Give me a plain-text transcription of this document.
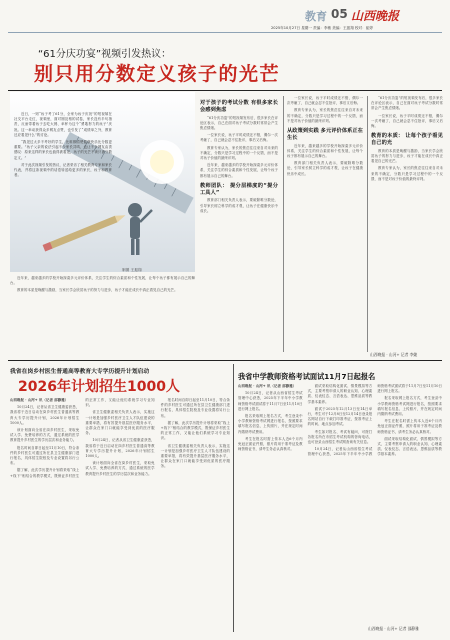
教育 05 山西晚报
2025年10月27日 星期一 责编：李敏 美编：王振翔 校对：崔婷
“61分庆功宴”视频引发热议：
别只用分数定义孩子的光芒

近日，一则“孩子考了61分，全家为孩子庆祝”的短视频在社交平台走红，视频里，面对刚及格的试卷，家长没有半句指责，反而带着孩子去吃大餐、举杯为这个“勇敢努力的孩子”庆祝。这一举动获得众多网友点赞，也引发了“成绩单之外，教育还应看见什么”的讨论。

“我见过太多不考好的学生，比谁都清楚健康快乐比分数更重要。”孩子父亲的说法引起不少家长共鸣，也让不少网友由衷感叹：原来这样的家长也值得被看见，孩子的光芒不该只被分数定义。”

对于此次视频引发的热议，记者采访了相关教育专家和家长代表，并将这条视频中的话语转述给更多的家长，孩子和教育者。

制图 王振翔
对于孩子的考试分数 有很多家长会感到焦虑

“61分庆功宴”的短视频发布后，很多家长在评论区表示，自己在面对孩子考试分数时常常会产生焦虑情绪。

一位家长说，孩子平时成绩还不错，偶尔一次考砸了，自己就会忍不住批评，事后又后悔。

教育专家认为，家长的焦虑往往来自对未来的不确定，分数只是学习过程中的一个反馈，而不是对孩子价值的最终评判。

近年来，越来越多的学校开始探索多元评价体系，关注学生的综合素质和个性发展，让每个孩子都有展示自己的舞台。

教师团队： 提分层梯度的“提分工具人”

教育部门相关负责人表示，要破除唯分数论，引导家长树立科学的成才观，让孩子在健康快乐中成长。

一位家长说，孩子平时成绩还不错，偶尔一次考砸了，自己就会忍不住批评，事后又后悔。

教育专家认为，家长的焦虑往往来自对未来的不确定，分数只是学习过程中的一个反馈，而不是对孩子价值的最终评判。

从政策到实践 多元评价体系正在生长

近年来，越来越多的学校开始探索多元评价体系，关注学生的综合素质和个性发展，让每个孩子都有展示自己的舞台。

教育部门相关负责人表示，要破除唯分数论，引导家长树立科学的成才观，让孩子在健康快乐中成长。

“61分庆功宴”的短视频发布后，很多家长在评论区表示，自己在面对孩子考试分数时常常会产生焦虑情绪。

一位家长说，孩子平时成绩还不错，偶尔一次考砸了，自己就会忍不住批评，事后又后悔。

教育的本质： 让每个孩子看见自己的光

教育的本质是唤醒与激励，当家长学会欣赏孩子的努力与进步，孩子才能在成长中真正看见自己的光芒。

教育专家认为，家长的焦虑往往来自对未来的不确定，分数只是学习过程中的一个反馈，而不是对孩子价值的最终评判。

近年来，越来越多的学校开始探索多元评价体系，关注学生的综合素质和个性发展，让每个孩子都有展示自己的舞台。

教育的本质是唤醒与激励，当家长学会欣赏孩子的努力与进步，孩子才能在成长中真正看见自己的光芒。

山西晚报 · 山河+ 记者 李婕
我省在岗乡村医生普通高等教育大专学历提升计划启动
2026年计划招生1000人

山西晚报 · 山河+ 讯（记者 邵静雅）

10月24日，记者从省卫生健康委获悉，我省将于近日启动在岗乡村医生普通高等教育大专学历提升计划，2026年计划招生1000人。

该计划面向全省在岗乡村医生，采取免试入学、免费培养的方式，通过系统的医学教育提升乡村医生的学历层次和业务能力。

报名时间自即日起至11月10日，符合条件的乡村医生可通过所在县卫生健康部门进行报名，具体招生院校及专业设置将另行公布。

据了解，此次学历提升计划将采取“线上+线下”相结合的教学模式，既保证乡村医生的正常工作，又能让他们系统学习专业知识。

省卫生健康委相关负责人表示，实施这一计划是加强乡村医疗卫生人才队伍建设的重要举措，将有效提升基层医疗服务水平，让群众在家门口就能享受到优质的医疗服务。

10月24日，记者从省卫生健康委获悉，我省将于近日启动在岗乡村医生普通高等教育大专学历提升计划，2026年计划招生1000人。

该计划面向全省在岗乡村医生，采取免试入学、免费培养的方式，通过系统的医学教育提升乡村医生的学历层次和业务能力。

报名时间自即日起至11月10日，符合条件的乡村医生可通过所在县卫生健康部门进行报名，具体招生院校及专业设置将另行公布。

据了解，此次学历提升计划将采取“线上+线下”相结合的教学模式，既保证乡村医生的正常工作，又能让他们系统学习专业知识。

省卫生健康委相关负责人表示，实施这一计划是加强乡村医疗卫生人才队伍建设的重要举措，将有效提升基层医疗服务水平，让群众在家门口就能享受到优质的医疗服务。

我省中学教师资格考试面试11月7日起报名

山西晚报 · 山河+ 讯（记者 邵静雅）

10月24日，记者从山西省招生考试管理中心获悉，2025年下半年中小学教师资格考试面试将于11月7日至11月10日进行网上报名。

报名采取网上报名方式，考生登录中小学教师资格考试网进行报名，按照要求填写报名信息、上传照片，并在规定时间内缴纳考试费用。

考生在报名时需上传本人近6个月内免冠正面证件照，照片将用于准考证及教师资格证书，请考生务必认真核对。

面试采取结构化面试、情景模拟等方式，主要考察申请人的职业认知、心理素质、仪表仪态、言语表达、思维品质等教学基本素养。

面试于2025年12月13日至14日举行，考生可于12月8日至12月14日登录报名网站自行下载打印准考证，按准考证上的时间、地点参加考试。

考生如对报名、考试有疑问，可拨打各报名所在市招生考试机构的咨询电话，也可登录山西招生考试网查询有关信息。

10月24日，记者从山西省招生考试管理中心获悉，2025年下半年中小学教师资格考试面试将于11月7日至11月10日进行网上报名。

报名采取网上报名方式，考生登录中小学教师资格考试网进行报名，按照要求填写报名信息、上传照片，并在规定时间内缴纳考试费用。

考生在报名时需上传本人近6个月内免冠正面证件照，照片将用于准考证及教师资格证书，请考生务必认真核对。

面试采取结构化面试、情景模拟等方式，主要考察申请人的职业认知、心理素质、仪表仪态、言语表达、思维品质等教学基本素养。

山西晚报 · 山河+ 记者 邵静雅
